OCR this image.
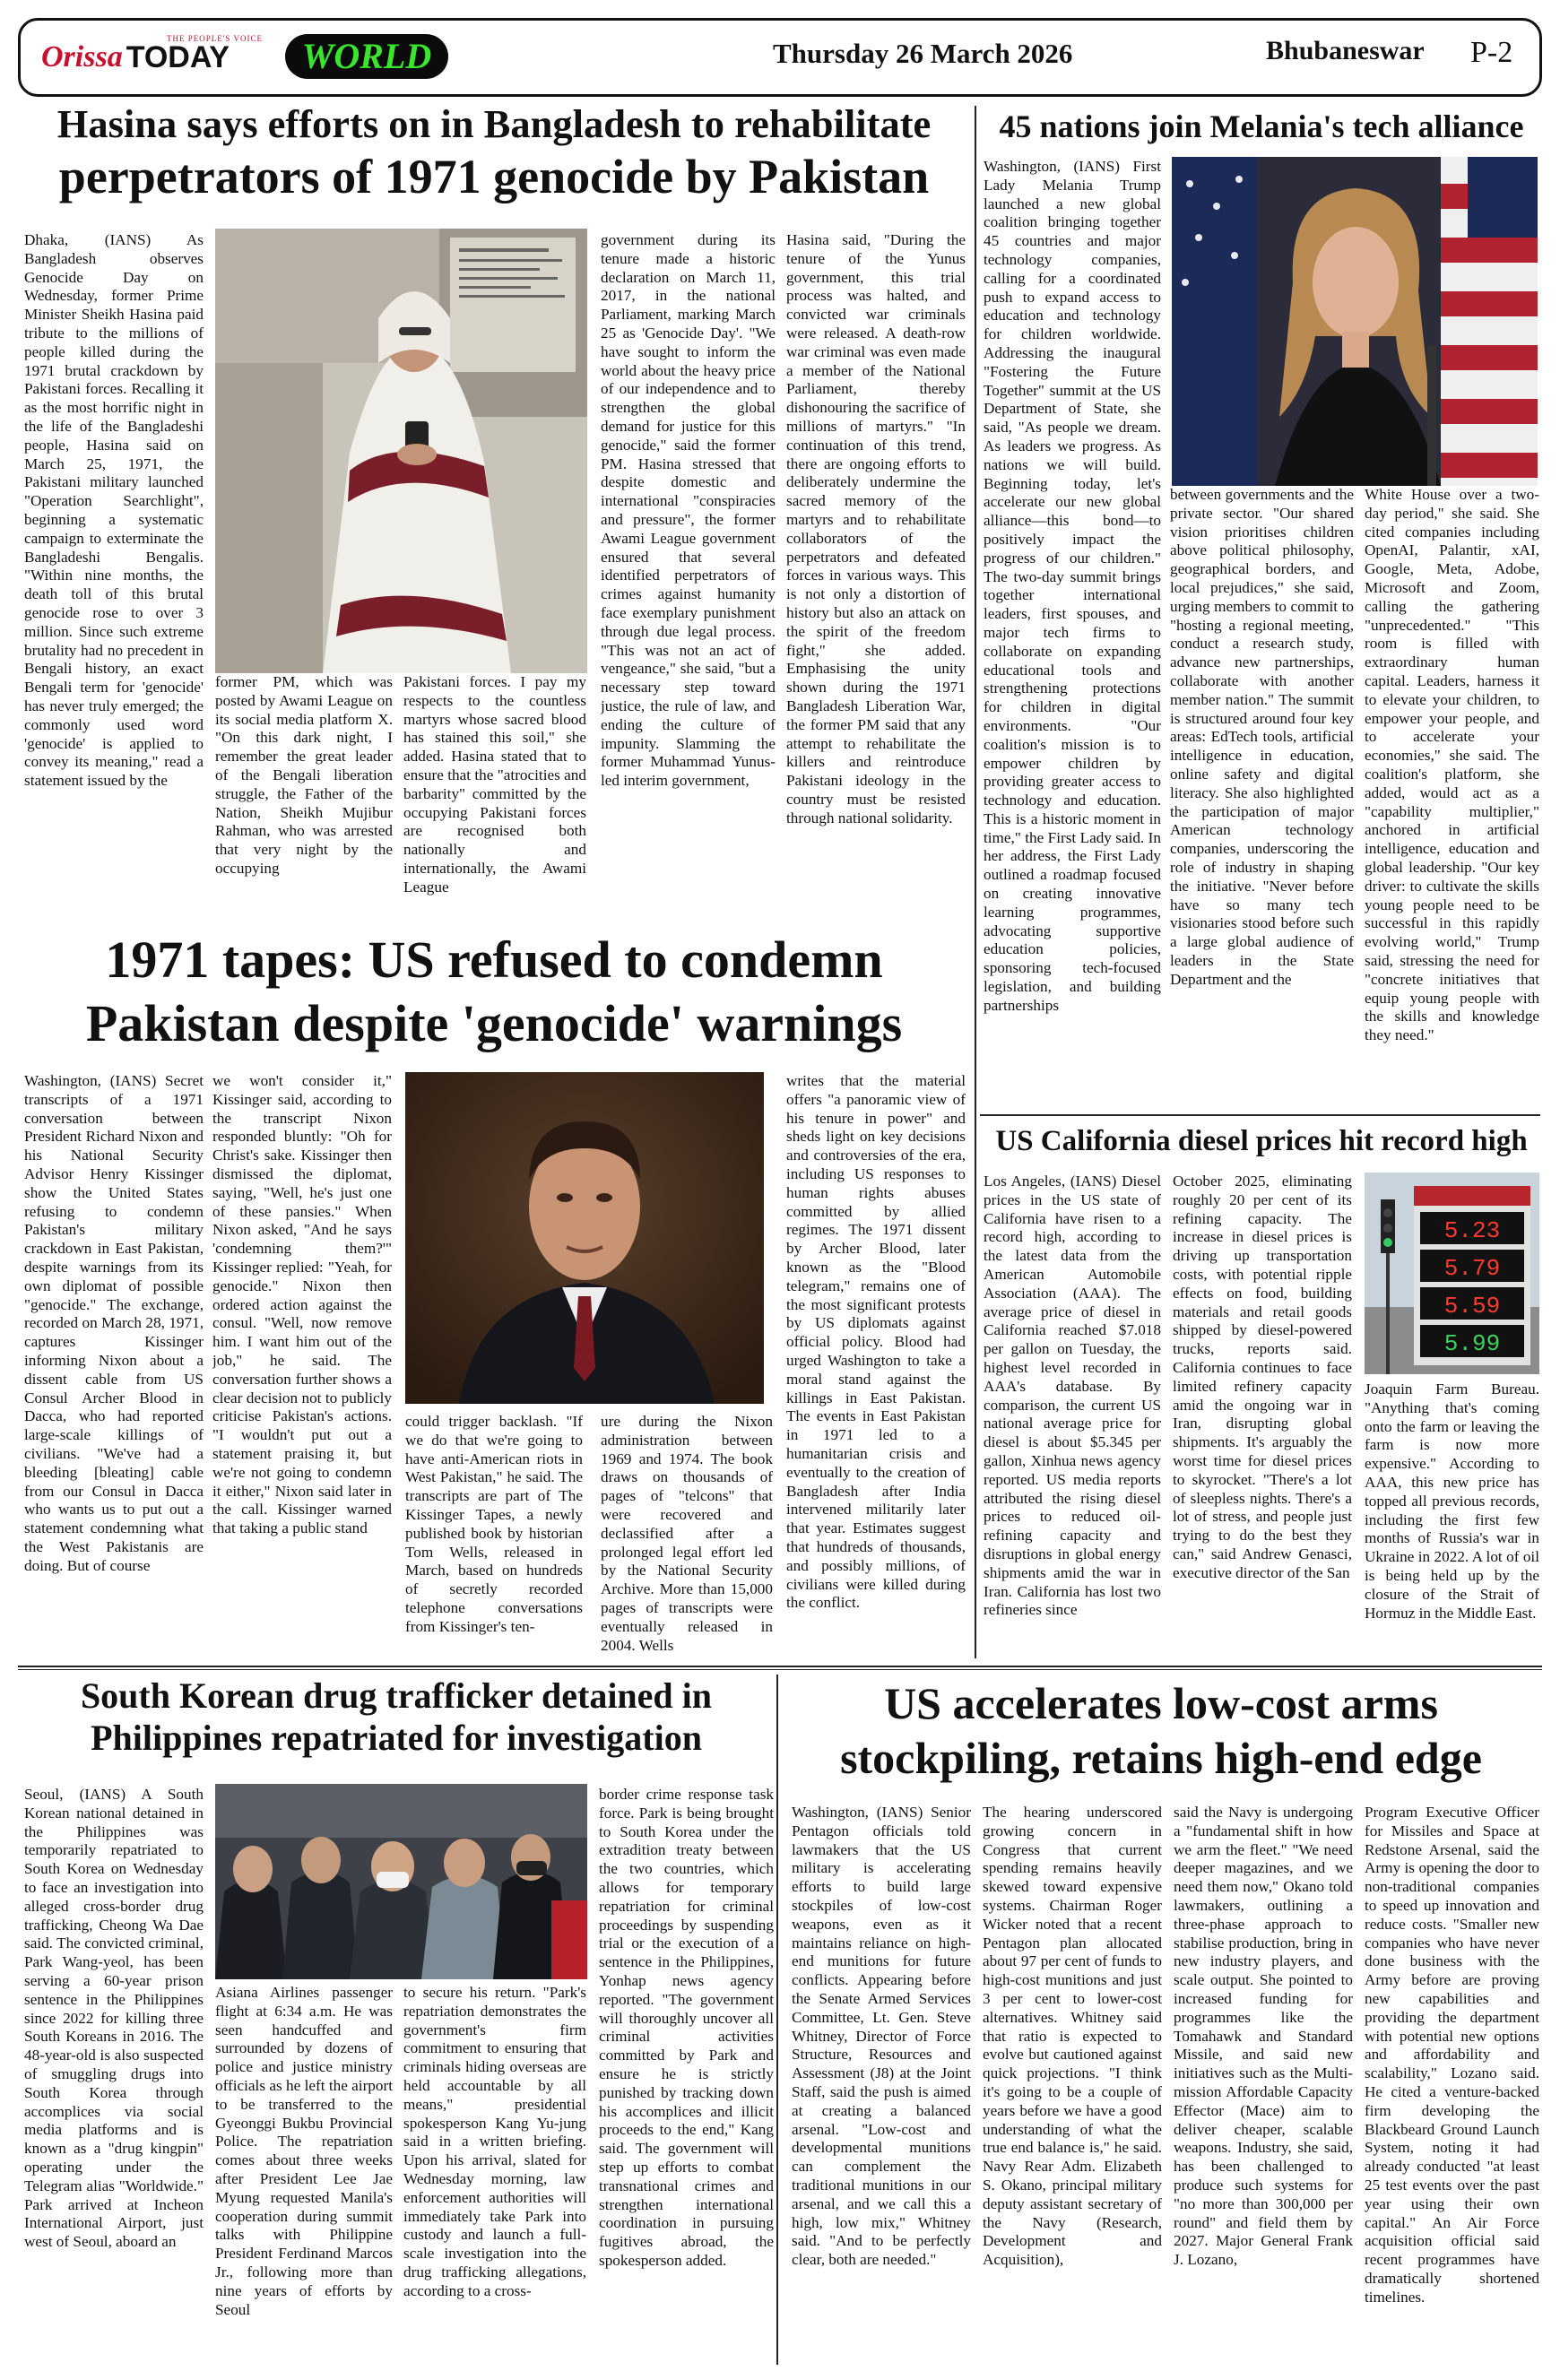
Orissa TODAY
THE PEOPLE'S VOICE	WORLD	Thursday 26 March 2026	Bhubaneswar P-2
Hasina says efforts on in Bangladesh to rehabilitate
perpetrators of 1971 genocide by Pakistan
Dhaka, (IANS) As Bangladesh observes Genocide Day on Wednesday, former Prime Minister Sheikh Hasina paid tribute to the millions of people killed during the 1971 brutal crackdown by Pakistani forces. Recalling it as the most horrific night in the life of the Bangladeshi people, Hasina said on March 25, 1971, the Pakistani military launched "Operation Searchlight", beginning a systematic campaign to exterminate the Bangladeshi Bengalis. "Within nine months, the death toll of this brutal genocide rose to over 3 million. Since such extreme brutality had no precedent in Bengali history, an exact Bengali term for 'genocide' has never truly emerged; the commonly used word 'genocide' is applied to convey its meaning," read a statement issued by the
former PM, which was posted by Awami League on its social media platform X. "On this dark night, I remember the great leader of the Bengali liberation struggle, the Father of the Nation, Sheikh Mujibur Rahman, who was arrested that very night by the occupying
Pakistani forces. I pay my respects to the countless martyrs whose sacred blood has stained this soil," she added. Hasina stated that to ensure that the "atrocities and barbarity" committed by the occupying Pakistani forces are recognised both nationally and internationally, the Awami League
government during its tenure made a historic declaration on March 11, 2017, in the national Parliament, marking March 25 as 'Genocide Day'. "We have sought to inform the world about the heavy price of our independence and to strengthen the global demand for justice for this genocide," said the former PM. Hasina stressed that despite domestic and international "conspiracies and pressure", the former Awami League government ensured that several identified perpetrators of crimes against humanity face exemplary punishment through due legal process. "This was not an act of vengeance," she said, "but a necessary step toward justice, the rule of law, and ending the culture of impunity. Slamming the former Muhammad Yunus-led interim government,
Hasina said, "During the tenure of the Yunus government, this trial process was halted, and convicted war criminals were released. A death-row war criminal was even made a member of the National Parliament, thereby dishonouring the sacrifice of millions of martyrs." "In continuation of this trend, there are ongoing efforts to deliberately undermine the sacred memory of the martyrs and to rehabilitate collaborators of the perpetrators and defeated forces in various ways. This is not only a distortion of history but also an attack on the spirit of the freedom fight," she added. Emphasising the unity shown during the 1971 Bangladesh Liberation War, the former PM said that any attempt to rehabilitate the killers and reintroduce Pakistani ideology in the country must be resisted through national solidarity.
45 nations join Melania's tech alliance
Washington, (IANS) First Lady Melania Trump launched a new global coalition bringing together 45 countries and major technology companies, calling for a coordinated push to expand access to education and technology for children worldwide. Addressing the inaugural "Fostering the Future Together" summit at the US Department of State, she said, "As people we dream. As leaders we progress. As nations we will build. Beginning today, let's accelerate our new global alliance—this bond—to positively impact the progress of our children." The two-day summit brings together international leaders, first spouses, and major tech firms to collaborate on expanding educational tools and strengthening protections for children in digital environments. "Our coalition's mission is to empower children by providing greater access to technology and education. This is a historic moment in time," the First Lady said. In her address, the First Lady outlined a roadmap focused on creating innovative learning programmes, advocating supportive education policies, sponsoring tech-focused legislation, and building partnerships
between governments and the private sector. "Our shared vision prioritises children above political philosophy, geographical borders, and local prejudices," she said, urging members to commit to "hosting a regional meeting, conduct a research study, advance new partnerships, collaborate with another member nation." The summit is structured around four key areas: EdTech tools, artificial intelligence in education, online safety and digital literacy. She also highlighted the participation of major American technology companies, underscoring the role of industry in shaping the initiative. "Never before have so many tech visionaries stood before such a large global audience of leaders in the State Department and the
White House over a two-day period," she said. She cited companies including OpenAI, Palantir, xAI, Google, Meta, Adobe, Microsoft and Zoom, calling the gathering "unprecedented." "This room is filled with extraordinary human capital. Leaders, harness it to elevate your children, to empower your people, and to accelerate your economies," she said. The coalition's platform, she added, would act as a "capability multiplier," anchored in artificial intelligence, education and global leadership. "Our key driver: to cultivate the skills young people need to be successful in this rapidly evolving world," Trump said, stressing the need for "concrete initiatives that equip young people with the skills and knowledge they need."
1971 tapes: US refused to condemn
Pakistan despite 'genocide' warnings
Washington, (IANS) Secret transcripts of a 1971 conversation between President Richard Nixon and his National Security Advisor Henry Kissinger show the United States refusing to condemn Pakistan's military crackdown in East Pakistan, despite warnings from its own diplomat of possible "genocide." The exchange, recorded on March 28, 1971, captures Kissinger informing Nixon about a dissent cable from US Consul Archer Blood in Dacca, who had reported large-scale killings of civilians. "We've had a bleeding [bleating] cable from our Consul in Dacca who wants us to put out a statement condemning what the West Pakistanis are doing. But of course
we won't consider it," Kissinger said, according to the transcript Nixon responded bluntly: "Oh for Christ's sake. Kissinger then dismissed the diplomat, saying, "Well, he's just one of these pansies." When Nixon asked, "And he says 'condemning them?'" Kissinger replied: "Yeah, for genocide." Nixon then ordered action against the consul. "Well, now remove him. I want him out of the job," he said. The conversation further shows a clear decision not to publicly criticise Pakistan's actions. "I wouldn't put out a statement praising it, but we're not going to condemn it either," Nixon said later in the call. Kissinger warned that taking a public stand
could trigger backlash. "If we do that we're going to have anti-American riots in West Pakistan," he said. The transcripts are part of The Kissinger Tapes, a newly published book by historian Tom Wells, released in March, based on hundreds of secretly recorded telephone conversations from Kissinger's ten-
ure during the Nixon administration between 1969 and 1974. The book draws on thousands of pages of "telcons" that were recovered and declassified after a prolonged legal effort led by the National Security Archive. More than 15,000 pages of transcripts were eventually released in 2004. Wells
writes that the material offers "a panoramic view of his tenure in power" and sheds light on key decisions and controversies of the era, including US responses to human rights abuses committed by allied regimes. The 1971 dissent by Archer Blood, later known as the "Blood telegram," remains one of the most significant protests by US diplomats against official policy. Blood had urged Washington to take a moral stand against the killings in East Pakistan. The events in East Pakistan in 1971 led to a humanitarian crisis and eventually to the creation of Bangladesh after India intervened militarily later that year. Estimates suggest that hundreds of thousands, and possibly millions, of civilians were killed during the conflict.
US California diesel prices hit record high
Los Angeles, (IANS) Diesel prices in the US state of California have risen to a record high, according to the latest data from the American Automobile Association (AAA). The average price of diesel in California reached $7.018 per gallon on Tuesday, the highest level recorded in AAA's database. By comparison, the current US national average price for diesel is about $5.345 per gallon, Xinhua news agency reported. US media reports attributed the rising diesel prices to reduced oil-refining capacity and disruptions in global energy shipments amid the war in Iran. California has lost two refineries since
October 2025, eliminating roughly 20 per cent of its refining capacity. The increase in diesel prices is driving up transportation costs, with potential ripple effects on food, building materials and retail goods shipped by diesel-powered trucks, reports said. California continues to face limited refinery capacity amid the ongoing war in Iran, disrupting global shipments. It's arguably the worst time for diesel prices to skyrocket. "There's a lot of sleepless nights. There's a lot of stress, and people just trying to do the best they can," said Andrew Genasci, executive director of the San
5.23
5.79
5.59
5.99
Joaquin Farm Bureau. "Anything that's coming onto the farm or leaving the farm is now more expensive." According to AAA, this new price has topped all previous records, including the first few months of Russia's war in Ukraine in 2022. A lot of oil is being held up by the closure of the Strait of Hormuz in the Middle East.
South Korean drug trafficker detained in
Philippines repatriated for investigation
Seoul, (IANS) A South Korean national detained in the Philippines was temporarily repatriated to South Korea on Wednesday to face an investigation into alleged cross-border drug trafficking, Cheong Wa Dae said. The convicted criminal, Park Wang-yeol, has been serving a 60-year prison sentence in the Philippines since 2022 for killing three South Koreans in 2016. The 48-year-old is also suspected of smuggling drugs into South Korea through accomplices via social media platforms and is known as a "drug kingpin" operating under the Telegram alias "Worldwide." Park arrived at Incheon International Airport, just west of Seoul, aboard an
Asiana Airlines passenger flight at 6:34 a.m. He was seen handcuffed and surrounded by dozens of police and justice ministry officials as he left the airport to be transferred to the Gyeonggi Bukbu Provincial Police. The repatriation comes about three weeks after President Lee Jae Myung requested Manila's cooperation during summit talks with Philippine President Ferdinand Marcos Jr., following more than nine years of efforts by Seoul
to secure his return. "Park's repatriation demonstrates the government's firm commitment to ensuring that criminals hiding overseas are held accountable by all means," presidential spokesperson Kang Yu-jung said in a written briefing. Upon his arrival, slated for Wednesday morning, law enforcement authorities will immediately take Park into custody and launch a full-scale investigation into the drug trafficking allegations, according to a cross-
border crime response task force. Park is being brought to South Korea under the extradition treaty between the two countries, which allows for temporary repatriation for criminal proceedings by suspending trial or the execution of a sentence in the Philippines, Yonhap news agency reported. "The government will thoroughly uncover all criminal activities committed by Park and ensure he is strictly punished by tracking down his accomplices and illicit proceeds to the end," Kang said. The government will step up efforts to combat transnational crimes and strengthen international coordination in pursuing fugitives abroad, the spokesperson added.
US accelerates low-cost arms
stockpiling, retains high-end edge
Washington, (IANS) Senior Pentagon officials told lawmakers that the US military is accelerating efforts to build large stockpiles of low-cost weapons, even as it maintains reliance on high-end munitions for future conflicts. Appearing before the Senate Armed Services Committee, Lt. Gen. Steve Whitney, Director of Force Structure, Resources and Assessment (J8) at the Joint Staff, said the push is aimed at creating a balanced arsenal. "Low-cost and developmental munitions can complement the traditional munitions in our arsenal, and we call this a high, low mix," Whitney said. "And to be perfectly clear, both are needed."
The hearing underscored growing concern in Congress that current spending remains heavily skewed toward expensive systems. Chairman Roger Wicker noted that a recent Pentagon plan allocated about 97 per cent of funds to high-cost munitions and just 3 per cent to lower-cost alternatives. Whitney said that ratio is expected to evolve but cautioned against quick projections. "I think it's going to be a couple of years before we have a good understanding of what the true end balance is," he said. Navy Rear Adm. Elizabeth S. Okano, principal military deputy assistant secretary of the Navy (Research, Development and Acquisition),
said the Navy is undergoing a "fundamental shift in how we arm the fleet." "We need deeper magazines, and we need them now," Okano told lawmakers, outlining a three-phase approach to stabilise production, bring in new industry players, and scale output. She pointed to increased funding for programmes like the Tomahawk and Standard Missile, and said new initiatives such as the Multi-mission Affordable Capacity Effector (Mace) aim to deliver cheaper, scalable weapons. Industry, she said, has been challenged to produce such systems for "no more than 300,000 per round" and field them by 2027. Major General Frank J. Lozano,
Program Executive Officer for Missiles and Space at Redstone Arsenal, said the Army is opening the door to non-traditional companies to speed up innovation and reduce costs. "Smaller new companies who have never done business with the Army before are proving new capabilities and providing the department with potential new options and affordability and scalability," Lozano said. He cited a venture-backed firm developing the Blackbeard Ground Launch System, noting it had already conducted "at least 25 test events over the past year using their own capital." An Air Force acquisition official said recent programmes have dramatically shortened timelines.
